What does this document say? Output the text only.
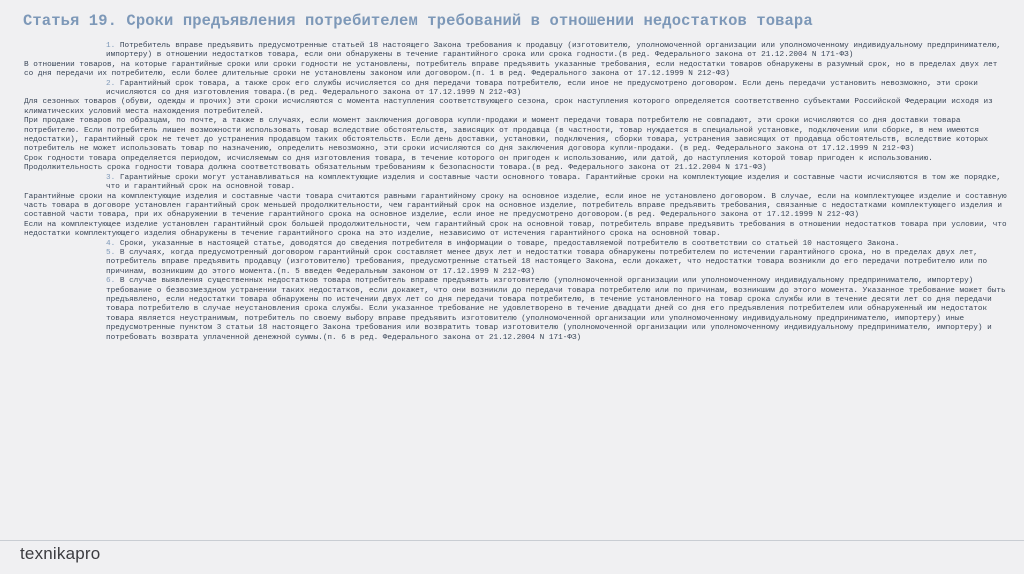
Статья 19. Сроки предъявления потребителем требований в отношении недостатков товара

1. Потребитель вправе предъявить предусмотренные статьей 18 настоящего Закона требования к продавцу (изготовителю, уполномоченной организации или уполномоченному индивидуальному предпринимателю, импортеру) в отношении недостатков товара, если они обнаружены в течение гарантийного срока или срока годности.(в ред. Федерального закона от 21.12.2004 N 171-ФЗ)

В отношении товаров, на которые гарантийные сроки или сроки годности не установлены, потребитель вправе предъявить указанные требования, если недостатки товаров обнаружены в разумный срок, но в пределах двух лет со дня передачи их потребителю, если более длительные сроки не установлены законом или договором.(п. 1 в ред. Федерального закона от 17.12.1999 N 212-ФЗ)

2. Гарантийный срок товара, а также срок его службы исчисляется со дня передачи товара потребителю, если иное не предусмотрено договором. Если день передачи установить невозможно, эти сроки исчисляются со дня изготовления товара.(в ред. Федерального закона от 17.12.1999 N 212-ФЗ)

Для сезонных товаров (обуви, одежды и прочих) эти сроки исчисляются с момента наступления соответствующего сезона, срок наступления которого определяется соответственно субъектами Российской Федерации исходя из климатических условий места нахождения потребителей.

При продаже товаров по образцам, по почте, а также в случаях, если момент заключения договора купли-продажи и момент передачи товара потребителю не совпадают, эти сроки исчисляются со дня доставки товара потребителю. Если потребитель лишен возможности использовать товар вследствие обстоятельств, зависящих от продавца (в частности, товар нуждается в специальной установке, подключении или сборке, в нем имеются недостатки), гарантийный срок не течет до устранения продавцом таких обстоятельств. Если день доставки, установки, подключения, сборки товара, устранения зависящих от продавца обстоятельств, вследствие которых потребитель не может использовать товар по назначению, определить невозможно, эти сроки исчисляются со дня заключения договора купли-продажи. (в ред. Федерального закона от 17.12.1999 N 212-ФЗ)

Срок годности товара определяется периодом, исчисляемым со дня изготовления товара, в течение которого он пригоден к использованию, или датой, до наступления которой товар пригоден к использованию.

Продолжительность срока годности товара должна соответствовать обязательным требованиям к безопасности товара.(в ред. Федерального закона от 21.12.2004 N 171-ФЗ)

3. Гарантийные сроки могут устанавливаться на комплектующие изделия и составные части основного товара. Гарантийные сроки на комплектующие изделия и составные части исчисляются в том же порядке, что и гарантийный срок на основной товар.

Гарантийные сроки на комплектующие изделия и составные части товара считаются равными гарантийному сроку на основное изделие, если иное не установлено договором. В случае, если на комплектующее изделие и составную часть товара в договоре установлен гарантийный срок меньшей продолжительности, чем гарантийный срок на основное изделие, потребитель вправе предъявить требования, связанные с недостатками комплектующего изделия и составной части товара, при их обнаружении в течение гарантийного срока на основное изделие, если иное не предусмотрено договором.(в ред. Федерального закона от 17.12.1999 N 212-ФЗ)

Если на комплектующее изделие установлен гарантийный срок большей продолжительности, чем гарантийный срок на основной товар, потребитель вправе предъявить требования в отношении недостатков товара при условии, что недостатки комплектующего изделия обнаружены в течение гарантийного срока на это изделие, независимо от истечения гарантийного срока на основной товар.

4. Сроки, указанные в настоящей статье, доводятся до сведения потребителя в информации о товаре, предоставляемой потребителю в соответствии со статьей 10 настоящего Закона.

5. В случаях, когда предусмотренный договором гарантийный срок составляет менее двух лет и недостатки товара обнаружены потребителем по истечении гарантийного срока, но в пределах двух лет, потребитель вправе предъявить продавцу (изготовителю) требования, предусмотренные статьей 18 настоящего Закона, если докажет, что недостатки товара возникли до его передачи потребителю или по причинам, возникшим до этого момента.(п. 5 введен Федеральным законом от 17.12.1999 N 212-ФЗ)

6. В случае выявления существенных недостатков товара потребитель вправе предъявить изготовителю (уполномоченной организации или уполномоченному индивидуальному предпринимателю, импортеру) требование о безвозмездном устранении таких недостатков, если докажет, что они возникли до передачи товара потребителю или по причинам, возникшим до этого момента. Указанное требование может быть предъявлено, если недостатки товара обнаружены по истечении двух лет со дня передачи товара потребителю, в течение установленного на товар срока службы или в течение десяти лет со дня передачи товара потребителю в случае неустановления срока службы. Если указанное требование не удовлетворено в течение двадцати дней со дня его предъявления потребителем или обнаруженный им недостаток товара является неустранимым, потребитель по своему выбору вправе предъявить изготовителю (уполномоченной организации или уполномоченному индивидуальному предпринимателю, импортеру) иные предусмотренные пунктом 3 статьи 18 настоящего Закона требования или возвратить товар изготовителю (уполномоченной организации или уполномоченному индивидуальному предпринимателю, импортеру) и потребовать возврата уплаченной денежной суммы.(п. 6 в ред. Федерального закона от 21.12.2004 N 171-ФЗ)

texnikapro
